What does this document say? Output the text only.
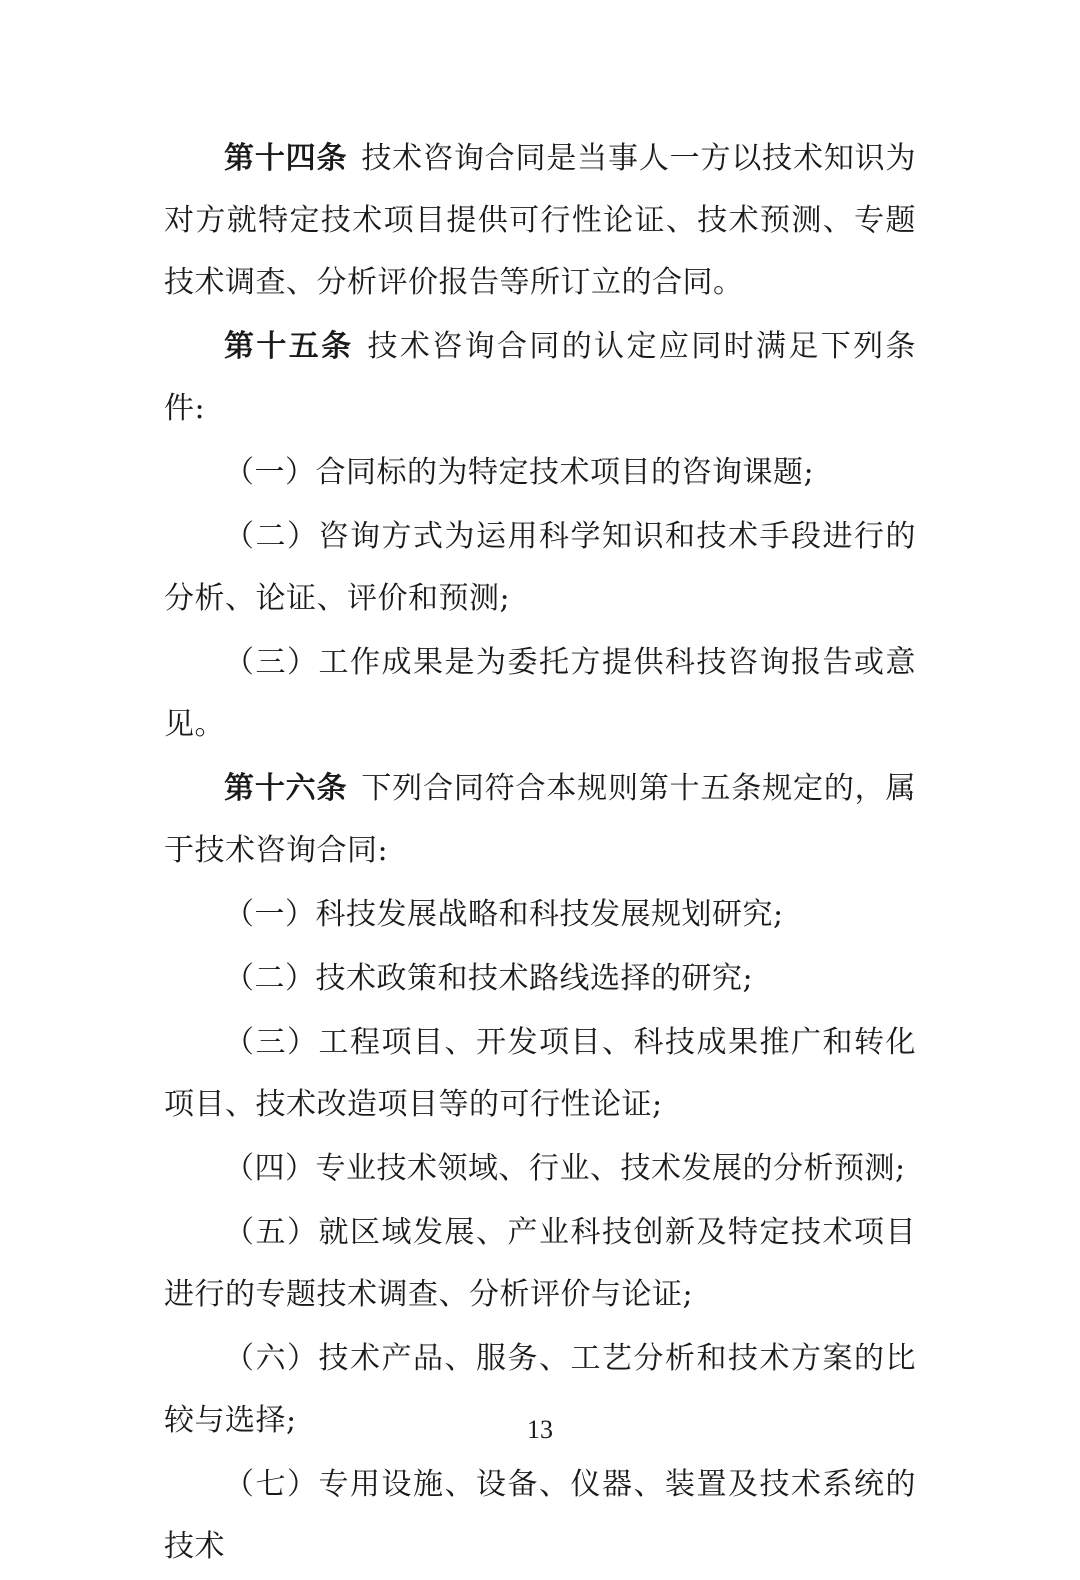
第十四条 技术咨询合同是当事人一方以技术知识为对方就特定技术项目提供可行性论证、技术预测、专题技术调查、分析评价报告等所订立的合同。

第十五条 技术咨询合同的认定应同时满足下列条件:

（一）合同标的为特定技术项目的咨询课题;

（二）咨询方式为运用科学知识和技术手段进行的分析、论证、评价和预测;

（三）工作成果是为委托方提供科技咨询报告或意见。

第十六条 下列合同符合本规则第十五条规定的，属于技术咨询合同:

（一）科技发展战略和科技发展规划研究;

（二）技术政策和技术路线选择的研究;

（三）工程项目、开发项目、科技成果推广和转化项目、技术改造项目等的可行性论证;

（四）专业技术领域、行业、技术发展的分析预测;

（五）就区域发展、产业科技创新及特定技术项目进行的专题技术调查、分析评价与论证;

（六）技术产品、服务、工艺分析和技术方案的比较与选择;

（七）专用设施、设备、仪器、装置及技术系统的技术

13
